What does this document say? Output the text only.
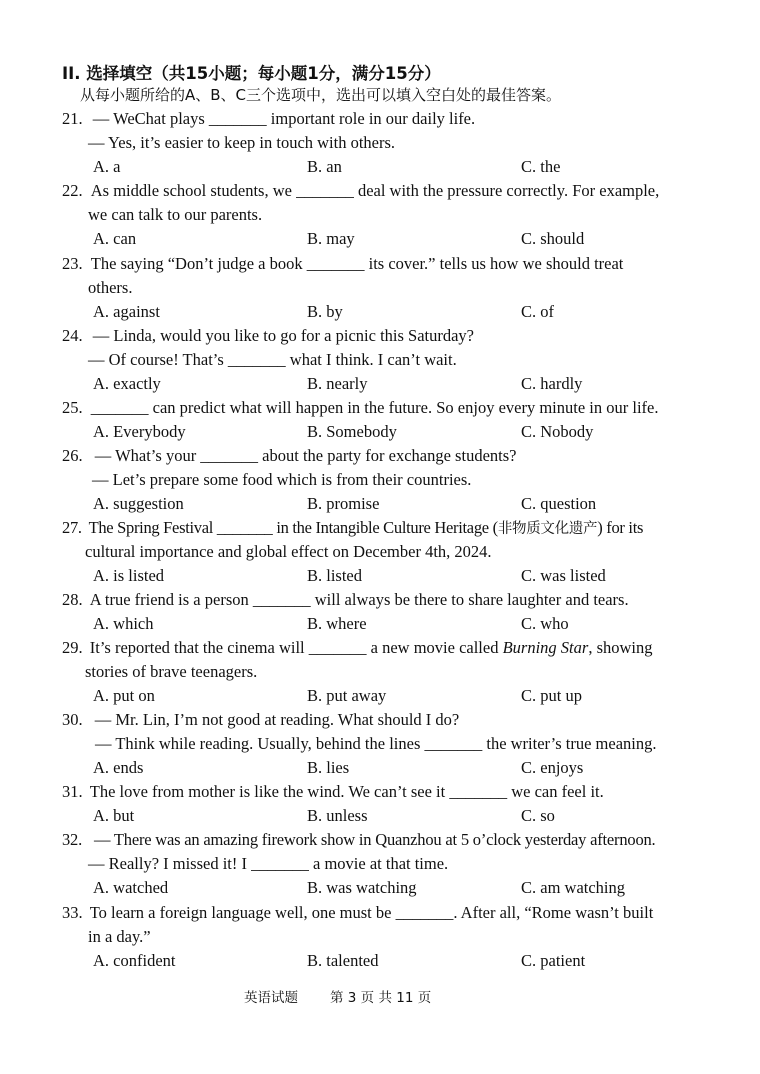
II. 选择填空（共15小题；每小题1分，满分15分）
从每小题所给的A、B、C三个选项中，选出可以填入空白处的最佳答案。
21. — WeChat plays _______ important role in our daily life.
— Yes, it’s easier to keep in touch with others.
A. a	B. an	C. the
22. As middle school students, we _______ deal with the pressure correctly. For example,
we can talk to our parents.
A. can	B. may	C. should
23. The saying “Don’t judge a book _______ its cover.” tells us how we should treat
others.
A. against	B. by	C. of
24. — Linda, would you like to go for a picnic this Saturday?
— Of course! That’s _______ what I think. I can’t wait.
A. exactly	B. nearly	C. hardly
25. _______ can predict what will happen in the future. So enjoy every minute in our life.
A. Everybody	B. Somebody	C. Nobody
26. — What’s your _______ about the party for exchange students?
— Let’s prepare some food which is from their countries.
A. suggestion	B. promise	C. question
27. The Spring Festival _______ in the Intangible Culture Heritage (非物质文化遗产) for its
cultural importance and global effect on December 4th, 2024.
A. is listed	B. listed	C. was listed
28. A true friend is a person _______ will always be there to share laughter and tears.
A. which	B. where	C. who
29. It’s reported that the cinema will _______ a new movie called Burning Star, showing
stories of brave teenagers.
A. put on	B. put away	C. put up
30. — Mr. Lin, I’m not good at reading. What should I do?
— Think while reading. Usually, behind the lines _______ the writer’s true meaning.
A. ends	B. lies	C. enjoys
31. The love from mother is like the wind. We can’t see it _______ we can feel it.
A. but	B. unless	C. so
32. — There was an amazing firework show in Quanzhou at 5 o’clock yesterday afternoon.
— Really? I missed it! I _______ a movie at that time.
A. watched	B. was watching	C. am watching
33. To learn a foreign language well, one must be _______. After all, “Rome wasn’t built
in a day.”
A. confident	B. talented	C. patient
英语试题 第 3 页 共 11 页
